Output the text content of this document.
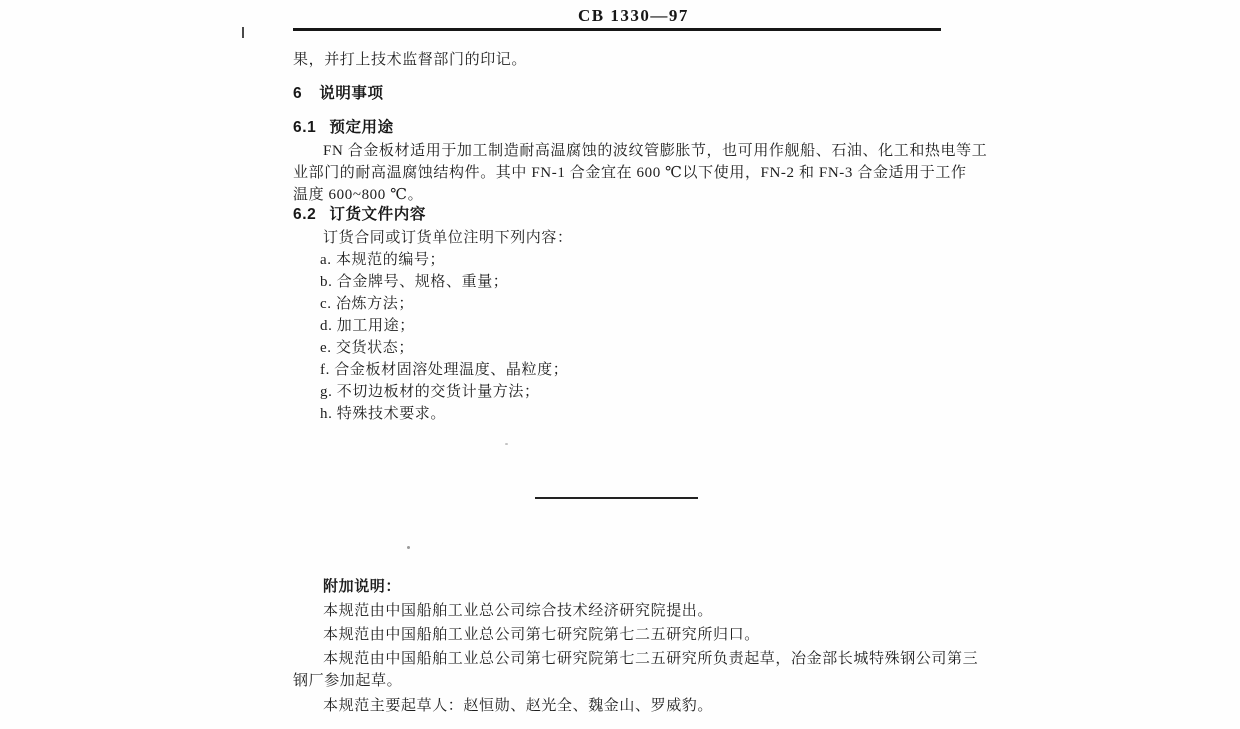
CB 1330—97
果，并打上技术监督部门的印记。
6 说明事项
6.1 预定用途
FN 合金板材适用于加工制造耐高温腐蚀的波纹管膨胀节，也可用作舰船、石油、化工和热电等工
业部门的耐高温腐蚀结构件。其中 FN-1 合金宜在 600 ℃以下使用，FN-2 和 FN-3 合金适用于工作
温度 600~800 ℃。
6.2 订货文件内容
订货合同或订货单位注明下列内容：
a. 本规范的编号；
b. 合金牌号、规格、重量；
c. 冶炼方法；
d. 加工用途；
e. 交货状态；
f. 合金板材固溶处理温度、晶粒度；
g. 不切边板材的交货计量方法；
h. 特殊技术要求。
附加说明：
本规范由中国船舶工业总公司综合技术经济研究院提出。
本规范由中国船舶工业总公司第七研究院第七二五研究所归口。
本规范由中国船舶工业总公司第七研究院第七二五研究所负责起草，冶金部长城特殊钢公司第三
钢厂参加起草。
本规范主要起草人：赵恒勋、赵光全、魏金山、罗威豹。
